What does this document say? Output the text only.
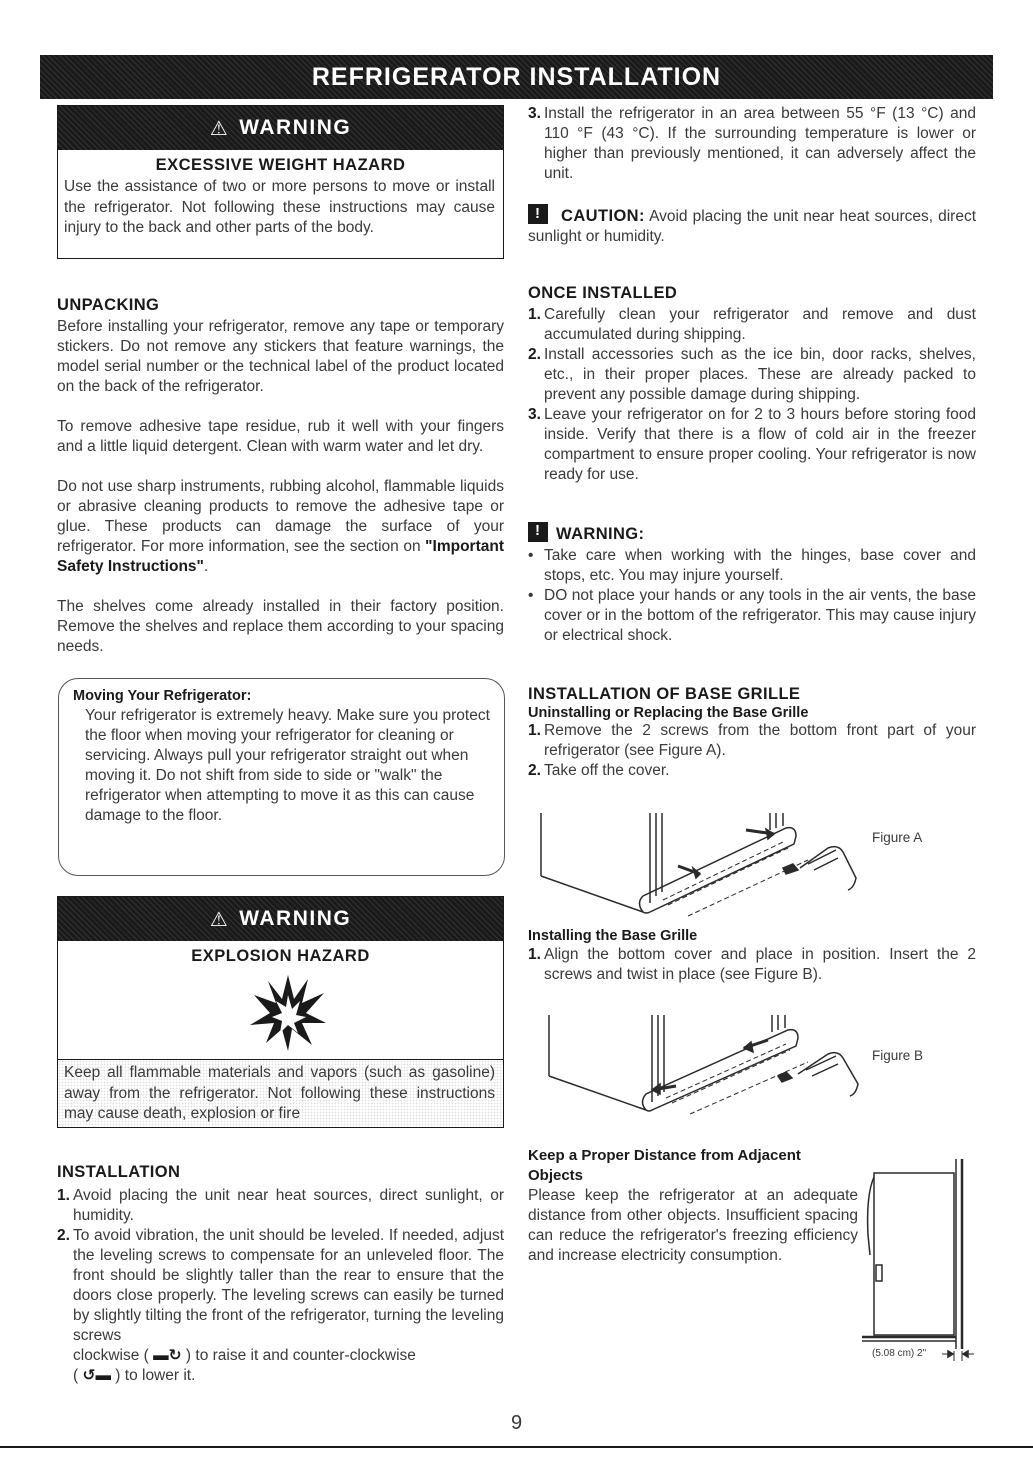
REFRIGERATOR INSTALLATION
⚠ WARNING
EXCESSIVE WEIGHT HAZARD
Use the assistance of two or more persons to move or install the refrigerator. Not following these instructions may cause injury to the back and other parts of the body.
UNPACKING
Before installing your refrigerator, remove any tape or temporary stickers. Do not remove any stickers that feature warnings, the model serial number or the technical label of the product located on the back of the refrigerator.
To remove adhesive tape residue, rub it well with your fingers and a little liquid detergent. Clean with warm water and let dry.
Do not use sharp instruments, rubbing alcohol, flammable liquids or abrasive cleaning products to remove the adhesive tape or glue. These products can damage the surface of your refrigerator. For more information, see the section on "Important Safety Instructions".
The shelves come already installed in their factory position. Remove the shelves and replace them according to your spacing needs.
Moving Your Refrigerator:
Your refrigerator is extremely heavy. Make sure you protect the floor when moving your refrigerator for cleaning or servicing. Always pull your refrigerator straight out when moving it. Do not shift from side to side or "walk" the refrigerator when attempting to move it as this can cause damage to the floor.
⚠ WARNING
EXPLOSION HAZARD
Keep all flammable materials and vapors (such as gasoline) away from the refrigerator. Not following these instructions may cause death, explosion or fire
INSTALLATION
1. Avoid placing the unit near heat sources, direct sunlight, or humidity.
2. To avoid vibration, the unit should be leveled. If needed, adjust the leveling screws to compensate for an unleveled floor. The front should be slightly taller than the rear to ensure that the doors close properly. The leveling screws can easily be turned by slightly tilting the front of the refrigerator, turning the leveling screws
clockwise ( ▬↻ ) to raise it and counter-clockwise
( ↺▬ ) to lower it.
3. Install the refrigerator in an area between 55 °F (13 °C) and 110 °F (43 °C). If the surrounding temperature is lower or higher than previously mentioned, it can adversely affect the unit.
! CAUTION: Avoid placing the unit near heat sources, direct sunlight or humidity.
ONCE INSTALLED
1. Carefully clean your refrigerator and remove and dust accumulated during shipping.
2. Install accessories such as the ice bin, door racks, shelves, etc., in their proper places. These are already packed to prevent any possible damage during shipping.
3. Leave your refrigerator on for 2 to 3 hours before storing food inside. Verify that there is a flow of cold air in the freezer compartment to ensure proper cooling. Your refrigerator is now ready for use.
!WARNING:
• Take care when working with the hinges, base cover and stops, etc. You may injure yourself.
• DO not place your hands or any tools in the air vents, the base cover or in the bottom of the refrigerator. This may cause injury or electrical shock.
INSTALLATION OF BASE GRILLE
Uninstalling or Replacing the Base Grille
1. Remove the 2 screws from the bottom front part of your refrigerator (see Figure A).
2. Take off the cover.
Figure A
Installing the Base Grille
1. Align the bottom cover and place in position. Insert the 2 screws and twist in place (see Figure B).
Figure B
Keep a Proper Distance from Adjacent Objects
Please keep the refrigerator at an adequate distance from other objects. Insufficient spacing can reduce the refrigerator's freezing efficiency and increase electricity consumption.
(5.08 cm) 2"
9
